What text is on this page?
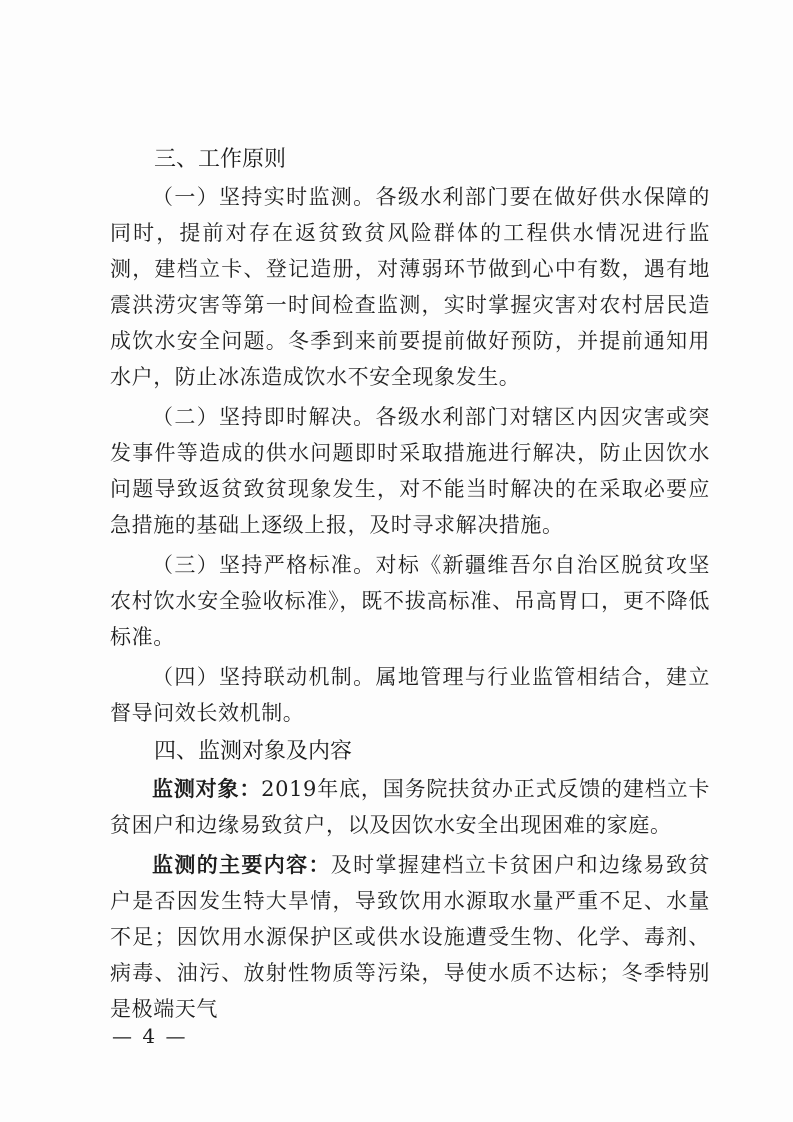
三、工作原则

（一）坚持实时监测。各级水利部门要在做好供水保障的同时，提前对存在返贫致贫风险群体的工程供水情况进行监测，建档立卡、登记造册，对薄弱环节做到心中有数，遇有地震洪涝灾害等第一时间检查监测，实时掌握灾害对农村居民造成饮水安全问题。冬季到来前要提前做好预防，并提前通知用水户，防止冰冻造成饮水不安全现象发生。

（二）坚持即时解决。各级水利部门对辖区内因灾害或突发事件等造成的供水问题即时采取措施进行解决，防止因饮水问题导致返贫致贫现象发生，对不能当时解决的在采取必要应急措施的基础上逐级上报，及时寻求解决措施。

（三）坚持严格标准。对标《新疆维吾尔自治区脱贫攻坚农村饮水安全验收标准》，既不拔高标准、吊高胃口，更不降低标准。

（四）坚持联动机制。属地管理与行业监管相结合，建立督导问效长效机制。

四、监测对象及内容

监测对象：2019年底，国务院扶贫办正式反馈的建档立卡贫困户和边缘易致贫户，以及因饮水安全出现困难的家庭。

监测的主要内容：及时掌握建档立卡贫困户和边缘易致贫户是否因发生特大旱情，导致饮用水源取水量严重不足、水量不足；因饮用水源保护区或供水设施遭受生物、化学、毒剂、病毒、油污、放射性物质等污染，导使水质不达标；冬季特别是极端天气

— 4 —
